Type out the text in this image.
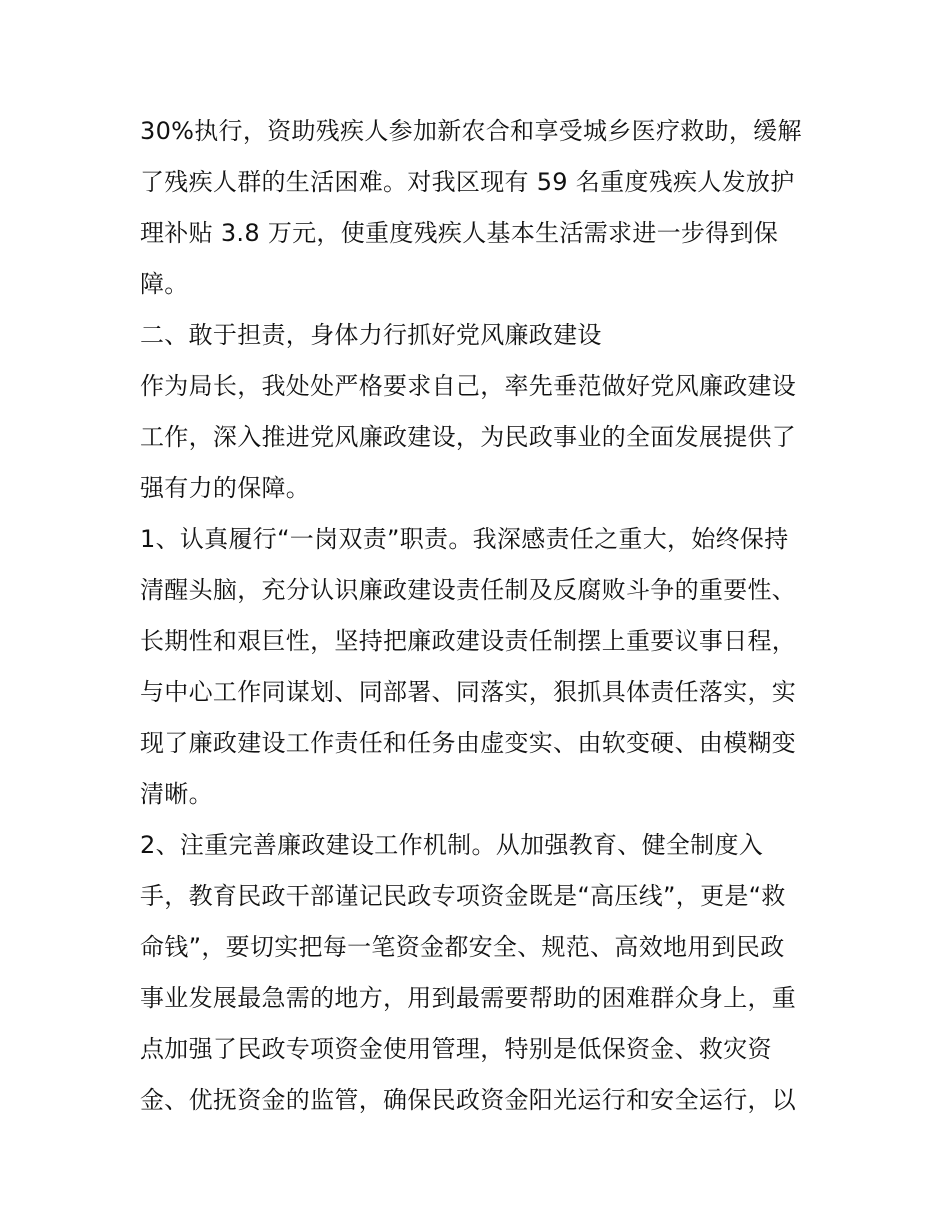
30%执行，资助残疾人参加新农合和享受城乡医疗救助，缓解
了残疾人群的生活困难。对我区现有 59 名重度残疾人发放护
理补贴 3.8 万元，使重度残疾人基本生活需求进一步得到保
障。
二、敢于担责，身体力行抓好党风廉政建设
作为局长，我处处严格要求自己，率先垂范做好党风廉政建设
工作，深入推进党风廉政建设，为民政事业的全面发展提供了
强有力的保障。
1、认真履行“一岗双责”职责。我深感责任之重大，始终保持
清醒头脑，充分认识廉政建设责任制及反腐败斗争的重要性、
长期性和艰巨性，坚持把廉政建设责任制摆上重要议事日程，
与中心工作同谋划、同部署、同落实，狠抓具体责任落实，实
现了廉政建设工作责任和任务由虚变实、由软变硬、由模糊变
清晰。
2、注重完善廉政建设工作机制。从加强教育、健全制度入
手，教育民政干部谨记民政专项资金既是“高压线”，更是“救
命钱”，要切实把每一笔资金都安全、规范、高效地用到民政
事业发展最急需的地方，用到最需要帮助的困难群众身上，重
点加强了民政专项资金使用管理，特别是低保资金、救灾资
金、优抚资金的监管，确保民政资金阳光运行和安全运行，以
